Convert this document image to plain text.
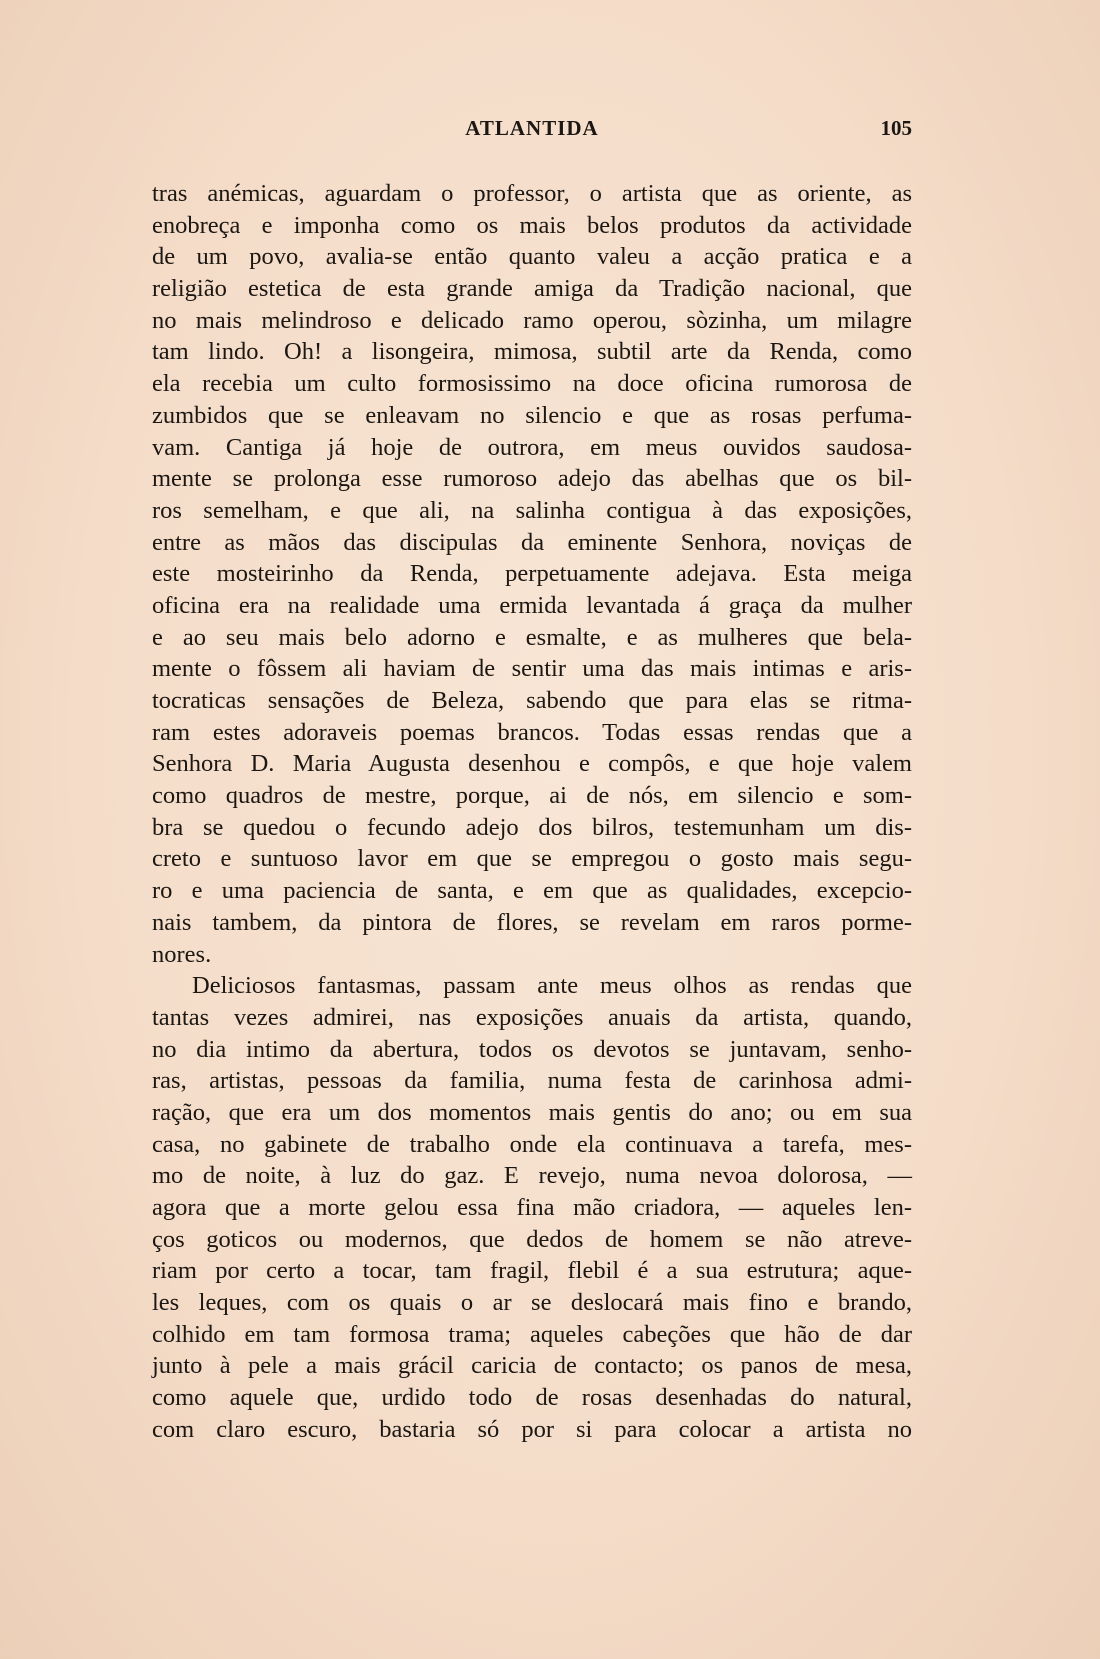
ATLANTIDA	105
tras anémicas, aguardam o professor, o artista que as oriente, as
enobreça e imponha como os mais belos produtos da actividade
de um povo, avalia-se então quanto valeu a acção pratica e a
religião estetica de esta grande amiga da Tradição nacional, que
no mais melindroso e delicado ramo operou, sòzinha, um milagre
tam lindo. Oh! a lisongeira, mimosa, subtil arte da Renda, como
ela recebia um culto formosissimo na doce oficina rumorosa de
zumbidos que se enleavam no silencio e que as rosas perfuma-
vam. Cantiga já hoje de outrora, em meus ouvidos saudosa-
mente se prolonga esse rumoroso adejo das abelhas que os bil-
ros semelham, e que ali, na salinha contigua à das exposições,
entre as mãos das discipulas da eminente Senhora, noviças de
este mosteirinho da Renda, perpetuamente adejava. Esta meiga
oficina era na realidade uma ermida levantada á graça da mulher
e ao seu mais belo adorno e esmalte, e as mulheres que bela-
mente o fôssem ali haviam de sentir uma das mais intimas e aris-
tocraticas sensações de Beleza, sabendo que para elas se ritma-
ram estes adoraveis poemas brancos. Todas essas rendas que a
Senhora D. Maria Augusta desenhou e compôs, e que hoje valem
como quadros de mestre, porque, ai de nós, em silencio e som-
bra se quedou o fecundo adejo dos bilros, testemunham um dis-
creto e suntuoso lavor em que se empregou o gosto mais segu-
ro e uma paciencia de santa, e em que as qualidades, excepcio-
nais tambem, da pintora de flores, se revelam em raros porme-
nores.
Deliciosos fantasmas, passam ante meus olhos as rendas que
tantas vezes admirei, nas exposições anuais da artista, quando,
no dia intimo da abertura, todos os devotos se juntavam, senho-
ras, artistas, pessoas da familia, numa festa de carinhosa admi-
ração, que era um dos momentos mais gentis do ano; ou em sua
casa, no gabinete de trabalho onde ela continuava a tarefa, mes-
mo de noite, à luz do gaz. E revejo, numa nevoa dolorosa, —
agora que a morte gelou essa fina mão criadora, — aqueles len-
ços goticos ou modernos, que dedos de homem se não atreve-
riam por certo a tocar, tam fragil, flebil é a sua estrutura; aque-
les leques, com os quais o ar se deslocará mais fino e brando,
colhido em tam formosa trama; aqueles cabeções que hão de dar
junto à pele a mais grácil caricia de contacto; os panos de mesa,
como aquele que, urdido todo de rosas desenhadas do natural,
com claro escuro, bastaria só por si para colocar a artista no
